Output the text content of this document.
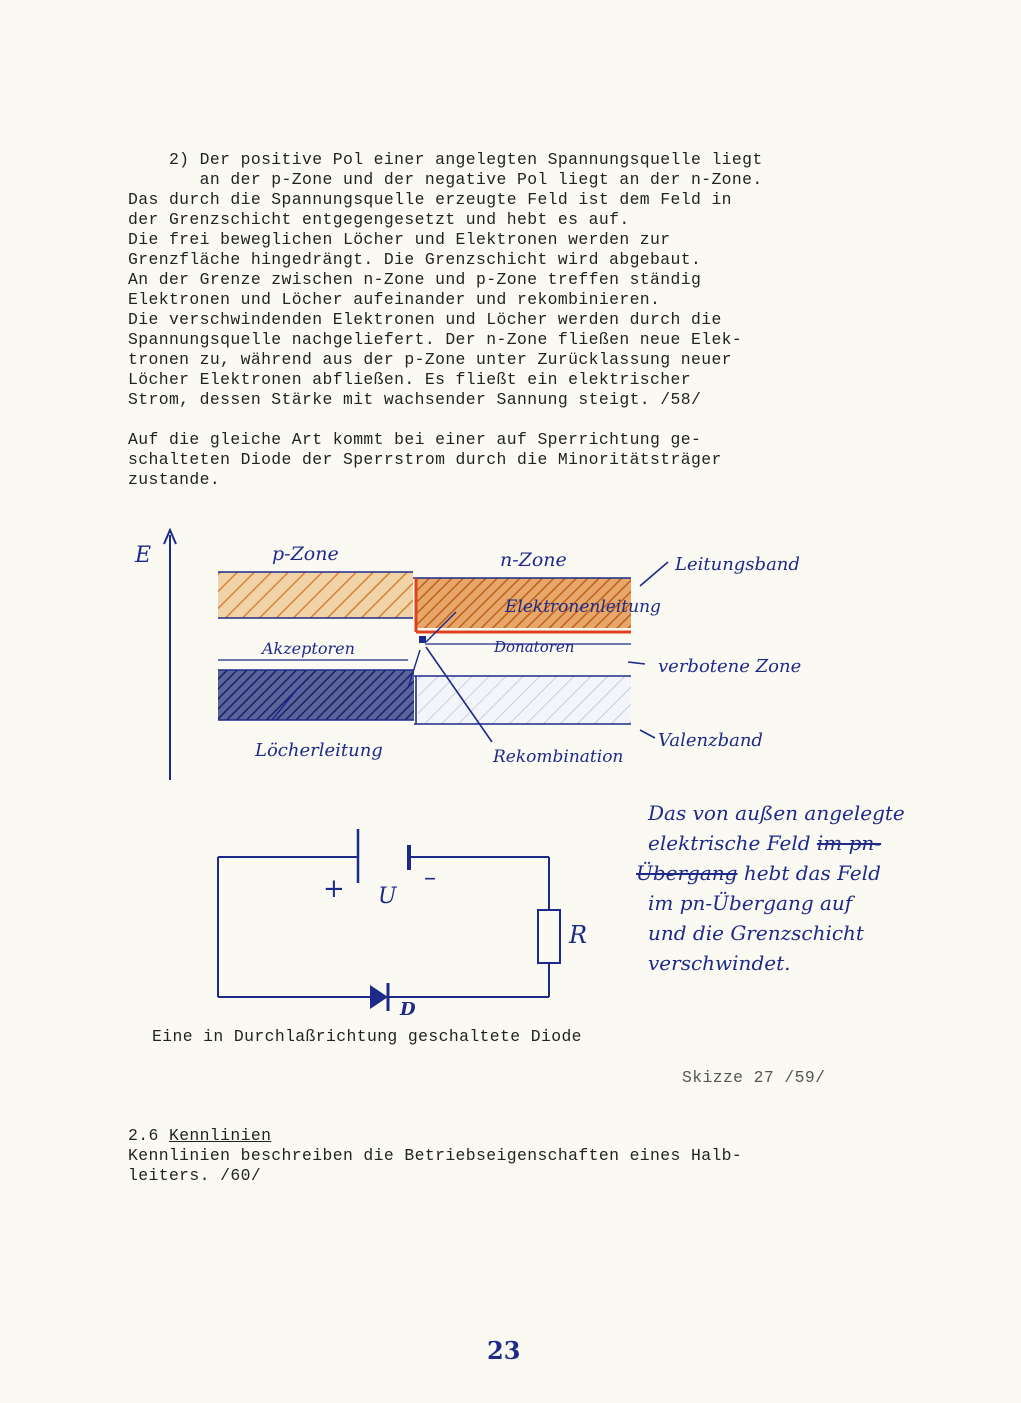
2) Der positive Pol einer angelegten Spannungsquelle liegt
an der p-Zone und der negative Pol liegt an der n-Zone.
Das durch die Spannungsquelle erzeugte Feld ist dem Feld in
der Grenzschicht entgegengesetzt und hebt es auf.
Die frei beweglichen Löcher und Elektronen werden zur
Grenzfläche hingedrängt. Die Grenzschicht wird abgebaut.
An der Grenze zwischen n-Zone und p-Zone treffen ständig
Elektronen und Löcher aufeinander und rekombinieren.
Die verschwindenden Elektronen und Löcher werden durch die
Spannungsquelle nachgeliefert. Der n-Zone fließen neue Elek-
tronen zu, während aus der p-Zone unter Zurücklassung neuer
Löcher Elektronen abfließen. Es fließt ein elektrischer
Strom, dessen Stärke mit wachsender Sannung steigt. /58/
Auf die gleiche Art kommt bei einer auf Sperrichtung ge-
schalteten Diode der Sperrstrom durch die Minoritätsträger
zustande.
E	p-Zone	n-Zone	Leitungsband
Elektronenleitung
Akzeptoren	Donatoren
verbotene Zone
Valenzband
Löcherleitung	Rekombination
+ U
–
R
D
Eine in Durchlaßrichtung geschaltete Diode
Skizze 27 /59/
Das von außen angelegte
elektrische Feld im pn-
Übergang hebt das Feld
im pn-Übergang auf
und die Grenzschicht
verschwindet.
2.6 Kennlinien
Kennlinien beschreiben die Betriebseigenschaften eines Halb-
leiters. /60/
23
